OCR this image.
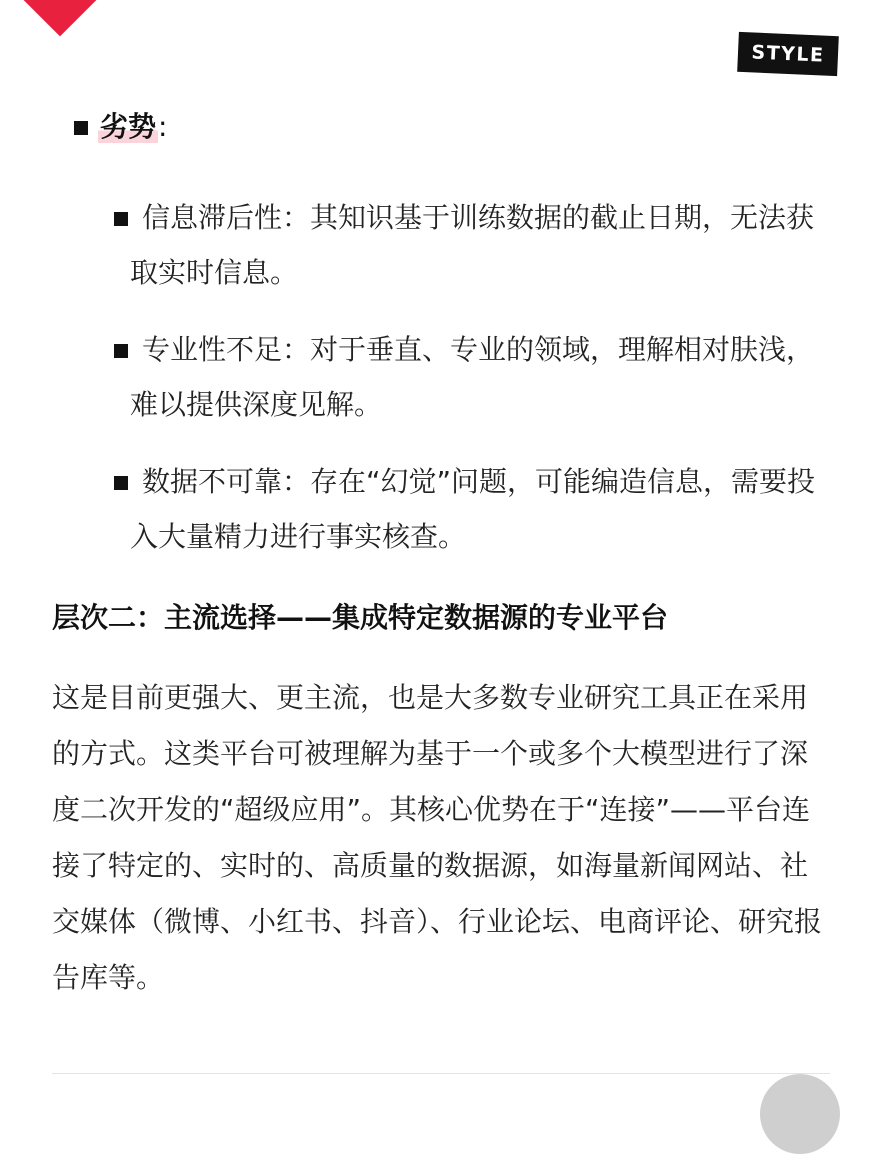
STYLE
劣势:
信息滞后性：其知识基于训练数据的截止日期，无法获取实时信息。
专业性不足：对于垂直、专业的领域，理解相对肤浅，难以提供深度见解。
数据不可靠：存在“幻觉”问题，可能编造信息，需要投入大量精力进行事实核查。
层次二：主流选择——集成特定数据源的专业平台

这是目前更强大、更主流，也是大多数专业研究工具正在采用的方式。这类平台可被理解为基于一个或多个大模型进行了深度二次开发的“超级应用”。其核心优势在于“连接”——平台连接了特定的、实时的、高质量的数据源，如海量新闻网站、社交媒体（微博、小红书、抖音）、行业论坛、电商评论、研究报告库等。
